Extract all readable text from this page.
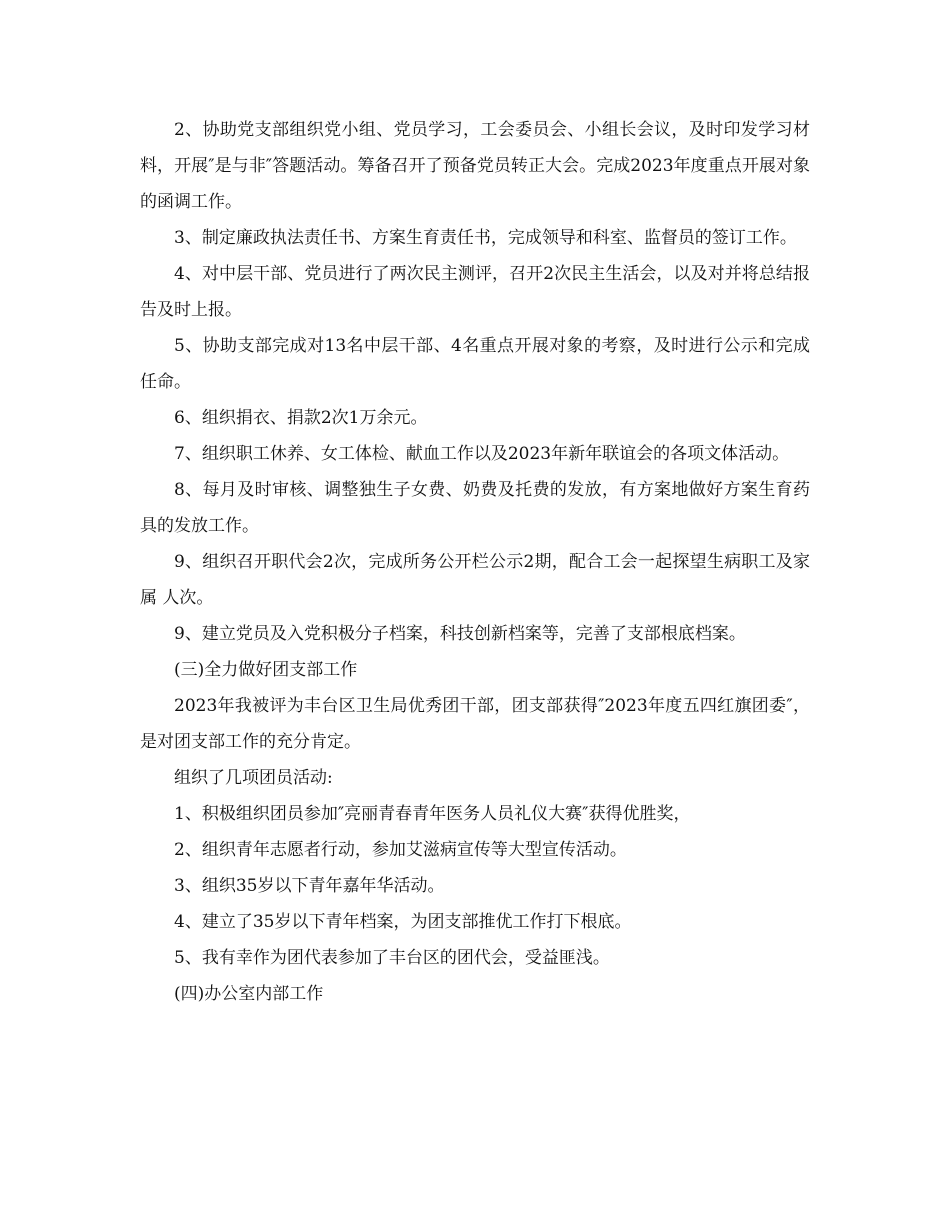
2、协助党支部组织党小组、党员学习，工会委员会、小组长会议，及时印发学习材料，开展″是与非″答题活动。筹备召开了预备党员转正大会。完成2023年度重点开展对象的函调工作。

3、制定廉政执法责任书、方案生育责任书，完成领导和科室、监督员的签订工作。

4、对中层干部、党员进行了两次民主测评，召开2次民主生活会，以及对并将总结报告及时上报。

5、协助支部完成对13名中层干部、4名重点开展对象的考察，及时进行公示和完成任命。

6、组织捐衣、捐款2次1万余元。

7、组织职工休养、女工体检、献血工作以及2023年新年联谊会的各项文体活动。

8、每月及时审核、调整独生子女费、奶费及托费的发放，有方案地做好方案生育药具的发放工作。

9、组织召开职代会2次，完成所务公开栏公示2期，配合工会一起探望生病职工及家属 人次。

9、建立党员及入党积极分子档案，科技创新档案等，完善了支部根底档案。

(三)全力做好团支部工作

2023年我被评为丰台区卫生局优秀团干部，团支部获得″2023年度五四红旗团委″， 是对团支部工作的充分肯定。

组织了几项团员活动:

1、积极组织团员参加″亮丽青春青年医务人员礼仪大赛″获得优胜奖，

2、组织青年志愿者行动，参加艾滋病宣传等大型宣传活动。

3、组织35岁以下青年嘉年华活动。

4、建立了35岁以下青年档案，为团支部推优工作打下根底。

5、我有幸作为团代表参加了丰台区的团代会，受益匪浅。

(四)办公室内部工作
